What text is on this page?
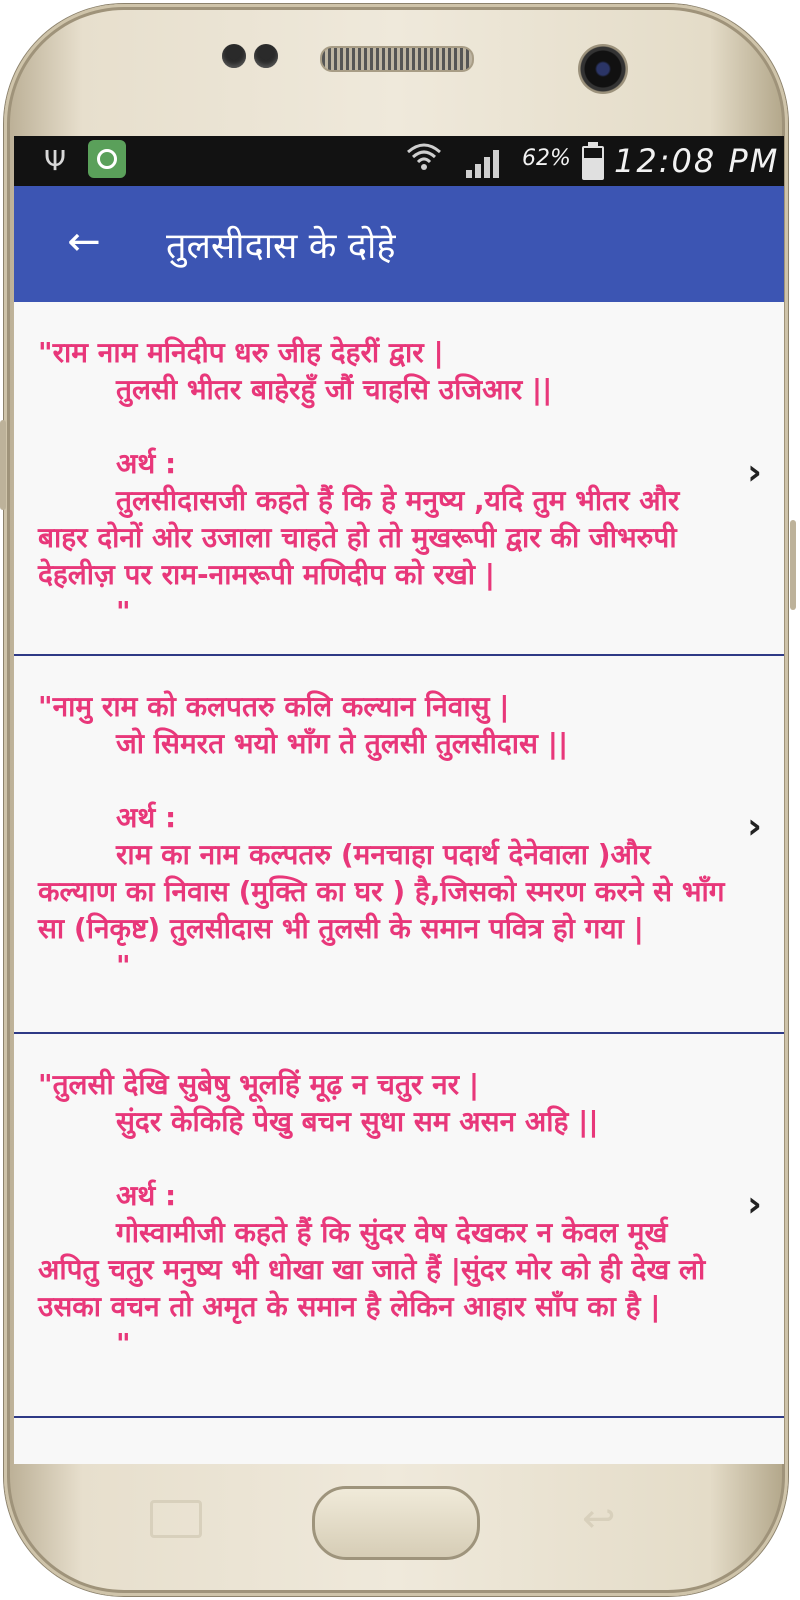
Ψ	62% 12:08 PM
←	तुलसीदास के दोहे
"राम नाम मनिदीप धरु जीह देहरीं द्वार |
तुलसी भीतर बाहेरहुँ जौं चाहसि उजिआर ||

अर्थ :
तुलसीदासजी कहते हैं कि हे मनुष्य ,यदि तुम भीतर और बाहर दोनों ओर उजाला चाहते हो तो मुखरूपी द्वार की जीभरुपी देहलीज़ पर राम-नामरूपी मणिदीप को रखो |
"
›
"नामु राम को कलपतरु कलि कल्यान निवासु |
जो सिमरत भयो भाँग ते तुलसी तुलसीदास ||

अर्थ :
राम का नाम कल्पतरु (मनचाहा पदार्थ देनेवाला )और कल्याण का निवास (मुक्ति का घर ) है,जिसको स्मरण करने से भाँग सा (निकृष्ट) तुलसीदास भी तुलसी के समान पवित्र हो गया |
"
›
"तुलसी देखि सुबेषु भूलहिं मूढ़ न चतुर नर |
सुंदर केकिहि पेखु बचन सुधा सम असन अहि ||

अर्थ :
गोस्वामीजी कहते हैं कि सुंदर वेष देखकर न केवल मूर्ख अपितु चतुर मनुष्य भी धोखा खा जाते हैं |सुंदर मोर को ही देख लो उसका वचन तो अमृत के समान है लेकिन आहार साँप का है |
"
›
↩
